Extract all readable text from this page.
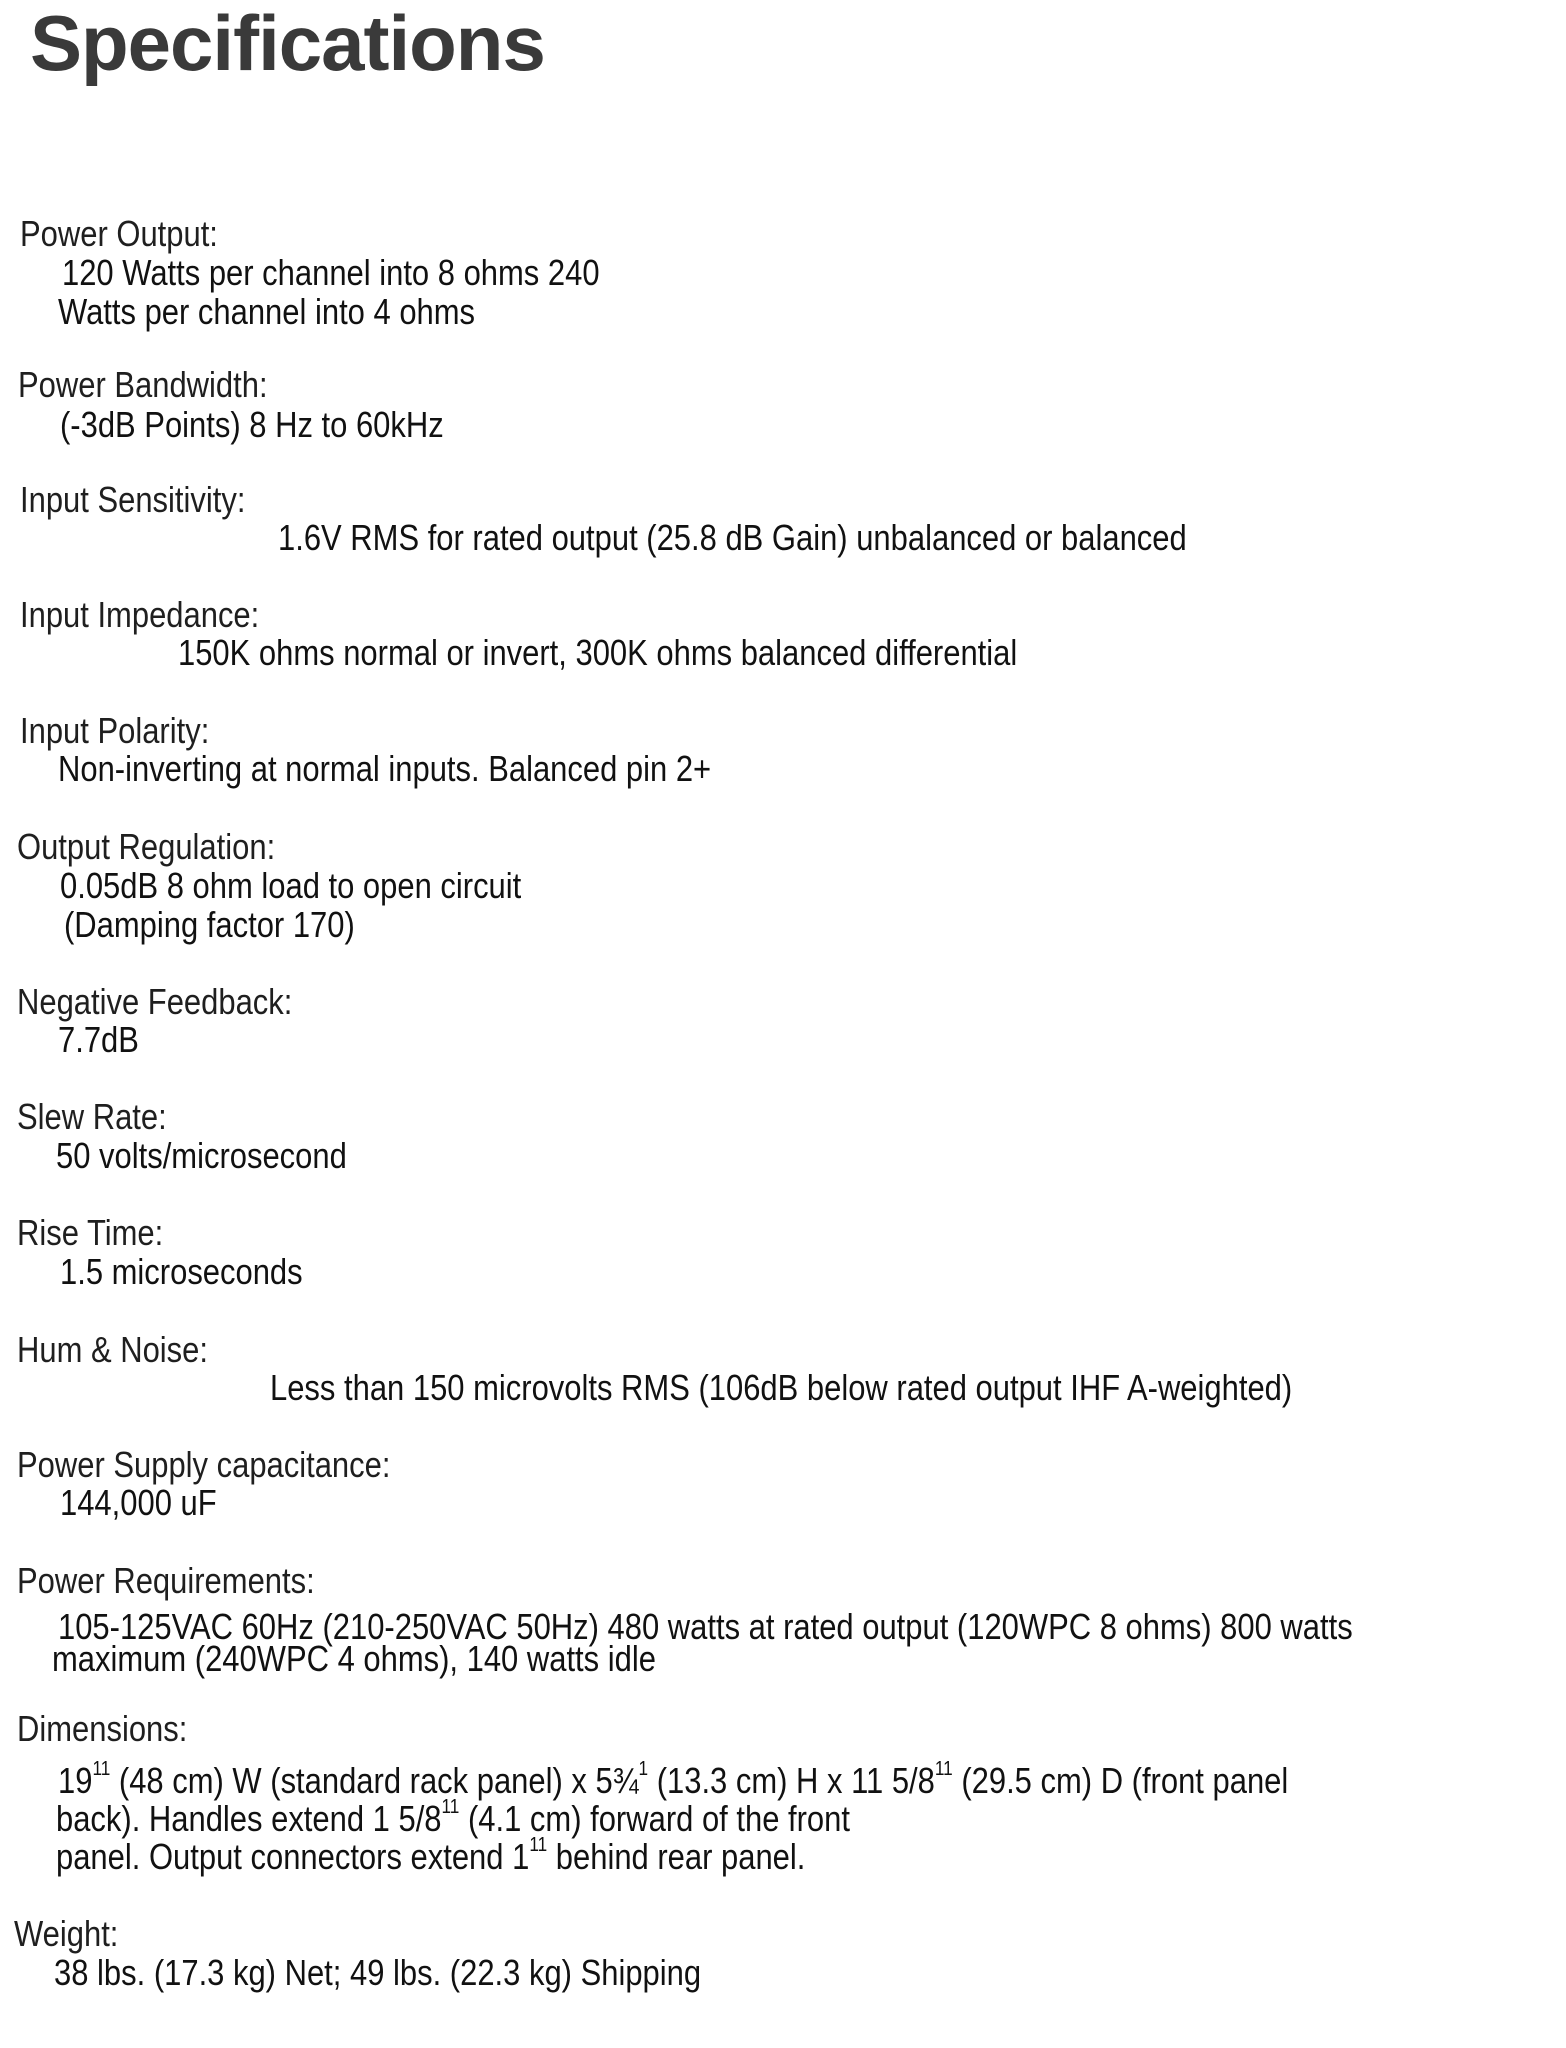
Specifications
Power Output:
120 Watts per channel into 8 ohms 240
Watts per channel into 4 ohms
Power Bandwidth:
(-3dB Points) 8 Hz to 60kHz
Input Sensitivity:
1.6V RMS for rated output (25.8 dB Gain) unbalanced or balanced
Input Impedance:
150K ohms normal or invert, 300K ohms balanced differential
Input Polarity:
Non-inverting at normal inputs. Balanced pin 2+
Output Regulation:
0.05dB 8 ohm load to open circuit
(Damping factor 170)
Negative Feedback:
7.7dB
Slew Rate:
50 volts/microsecond
Rise Time:
1.5 microseconds
Hum & Noise:
Less than 150 microvolts RMS (106dB below rated output IHF A-weighted)
Power Supply capacitance:
144,000 uF
Power Requirements:
105-125VAC 60Hz (210-250VAC 50Hz) 480 watts at rated output (120WPC 8 ohms) 800 watts
maximum (240WPC 4 ohms), 140 watts idle
Dimensions:
$19^{11}$ (48 cm) W (standard rack panel) x 5¾$^1$ (13.3 cm) H x 11 $5/8^{11}$ (29.5 cm) D (front panel
back). Handles extend 1 $5/8^{11}$ (4.1 cm) forward of the front
panel. Output connectors extend $1^{11}$ behind rear panel.
Weight:
38 lbs. (17.3 kg) Net; 49 lbs. (22.3 kg) Shipping
